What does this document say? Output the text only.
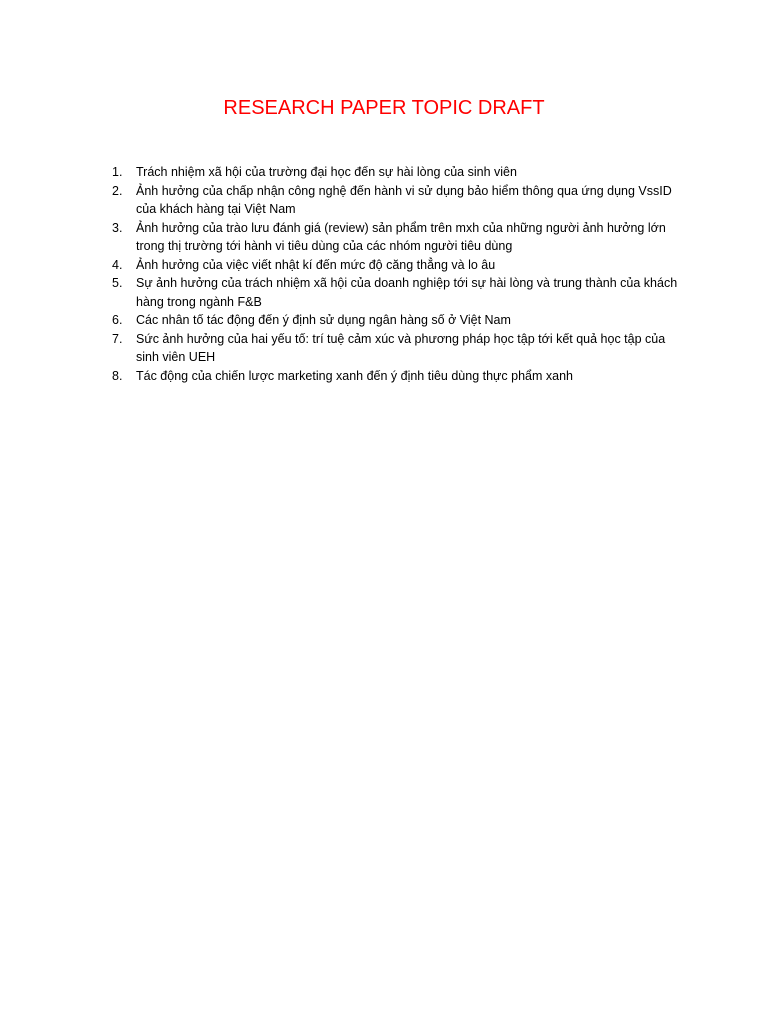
RESEARCH PAPER TOPIC DRAFT
1.	Trách nhiệm xã hội của trường đại học đến sự hài lòng của sinh viên
2.	Ảnh hưởng của chấp nhận công nghệ đến hành vi sử dụng bảo hiểm thông qua ứng dụng VssID của khách hàng tại Việt Nam
3.	Ảnh hưởng của trào lưu đánh giá (review) sản phẩm trên mxh của những người ảnh hưởng lớn trong thị trường tới hành vi tiêu dùng của các nhóm người tiêu dùng
4.	Ảnh hưởng của việc viết nhật kí đến mức độ căng thẳng và lo âu
5.	Sự ảnh hưởng của trách nhiệm xã hội của doanh nghiệp tới sự hài lòng và trung thành của khách hàng trong ngành F&B
6.	Các nhân tố tác động đến ý định sử dụng ngân hàng số ở Việt Nam
7.	Sức ảnh hưởng của hai yếu tố: trí tuệ cảm xúc và phương pháp học tập tới kết quả học tập của sinh viên UEH
8.	Tác động của chiến lược marketing xanh đến ý định tiêu dùng thực phẩm xanh
